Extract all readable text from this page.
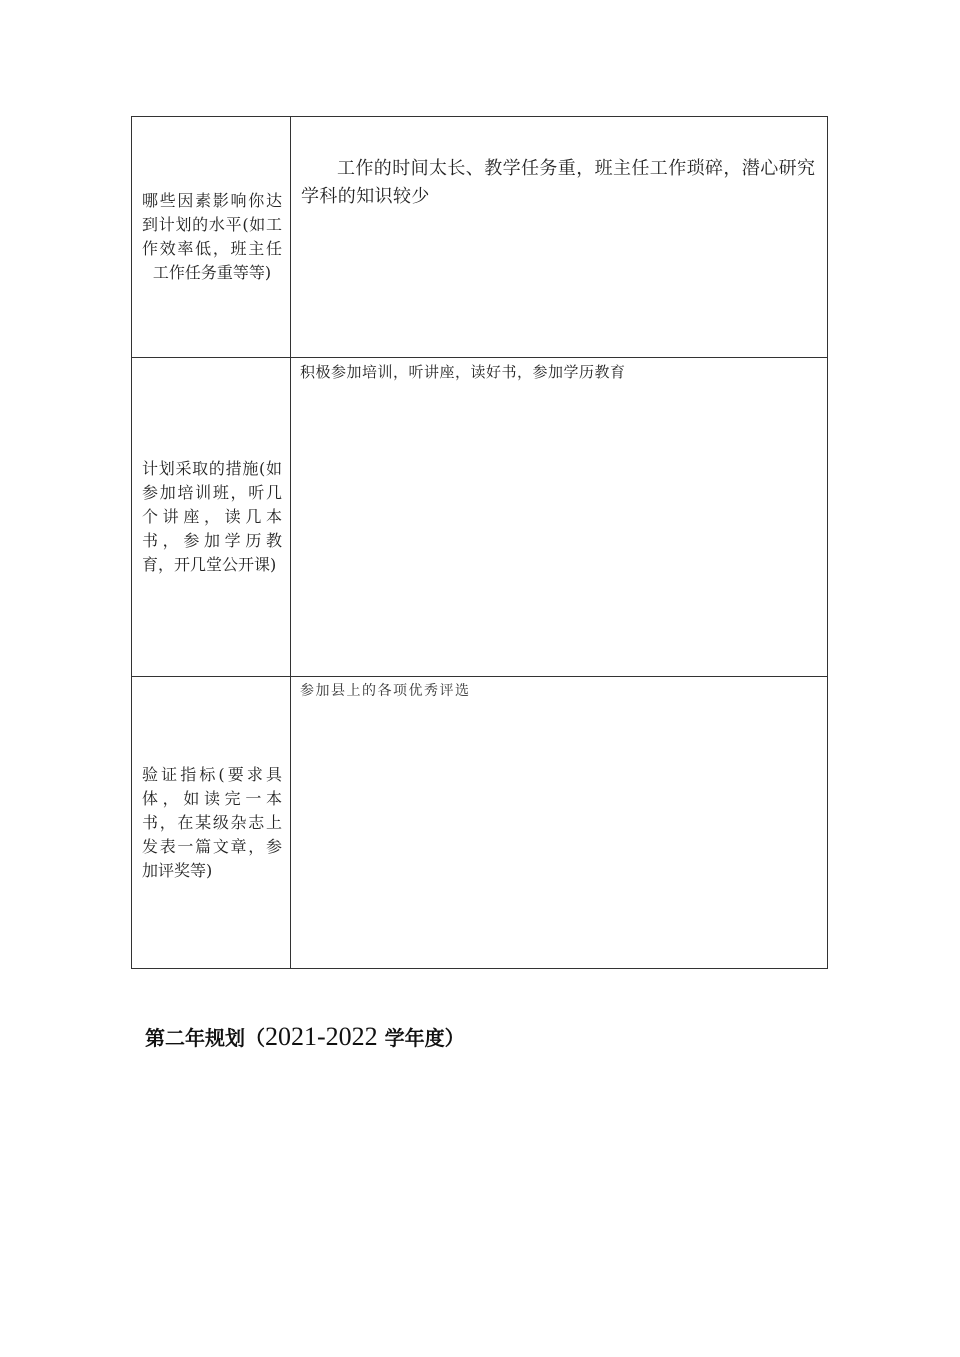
哪些因素影响你达到计划的水平(如工作效率低，班主任工作任务重等等)	工作的时间太长、教学任务重，班主任工作琐碎，潜心研究学科的知识较少

计划采取的措施(如参加培训班，听几个讲座，读几本书，参加学历教育，开几堂公开课)	积极参加培训，听讲座，读好书，参加学历教育

验证指标(要求具体，如读完一本书，在某级杂志上发表一篇文章，参加评奖等)	参加县上的各项优秀评选
第二年规划（2021-2022 学年度）
